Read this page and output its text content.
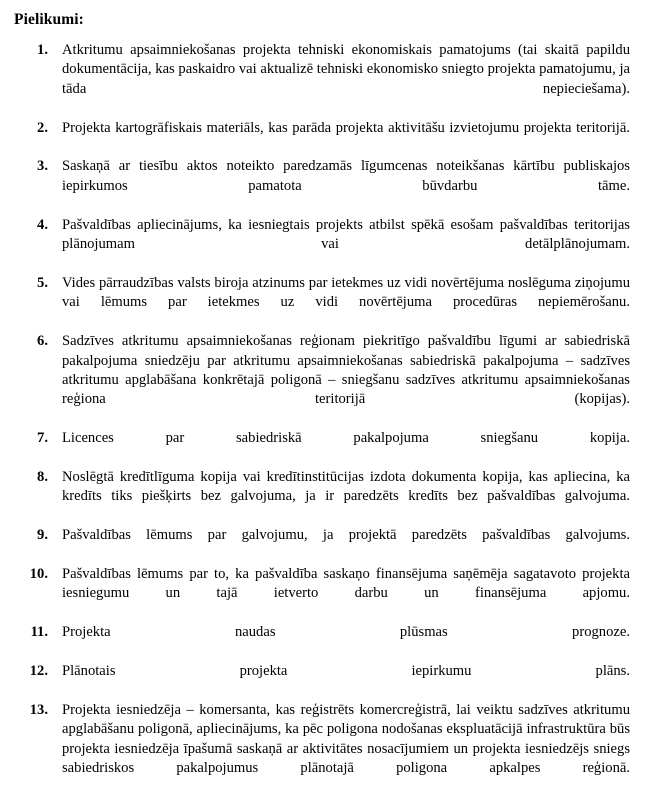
Pielikumi:
1. Atkritumu apsaimniekošanas projekta tehniski ekonomiskais pamatojums (tai skaitā papildu dokumentācija, kas paskaidro vai aktualizē tehniski ekonomisko sniegto projekta pamatojumu, ja tāda nepieciešama).
2. Projekta kartogrāfiskais materiāls, kas parāda projekta aktivitāšu izvietojumu projekta teritorijā.
3. Saskaņā ar tiesību aktos noteikto paredzamās līgumcenas noteikšanas kārtību publiskajos iepirkumos pamatota būvdarbu tāme.
4. Pašvaldības apliecinājums, ka iesniegtais projekts atbilst spēkā esošam pašvaldības teritorijas plānojumam vai detālplānojumam.
5. Vides pārraudzības valsts biroja atzinums par ietekmes uz vidi novērtējuma noslēguma ziņojumu vai lēmums par ietekmes uz vidi novērtējuma procedūras nepiemērošanu.
6. Sadzīves atkritumu apsaimniekošanas reģionam piekritīgo pašvaldību līgumi ar sabiedriskā pakalpojuma sniedzēju par atkritumu apsaimniekošanas sabiedriskā pakalpojuma – sadzīves atkritumu apglabāšana konkrētajā poligonā – sniegšanu sadzīves atkritumu apsaimniekošanas reģiona teritorijā (kopijas).
7. Licences par sabiedriskā pakalpojuma sniegšanu kopija.
8. Noslēgtā kredītlīguma kopija vai kredītinstitūcijas izdota dokumenta kopija, kas apliecina, ka kredīts tiks piešķirts bez galvojuma, ja ir paredzēts kredīts bez pašvaldības galvojuma.
9. Pašvaldības lēmums par galvojumu, ja projektā paredzēts pašvaldības galvojums.
10. Pašvaldības lēmums par to, ka pašvaldība saskaņo finansējuma saņēmēja sagatavoto projekta iesniegumu un tajā ietverto darbu un finansējuma apjomu.
11. Projekta naudas plūsmas prognoze.
12. Plānotais projekta iepirkumu plāns.
13. Projekta iesniedzēja – komersanta, kas reģistrēts komercreģistrā, lai veiktu sadzīves atkritumu apglabāšanu poligonā, apliecinājums, ka pēc poligona nodošanas ekspluatācijā infrastruktūra būs projekta iesniedzēja īpašumā saskaņā ar aktivitātes nosacījumiem un projekta iesniedzējs sniegs sabiedriskos pakalpojumus plānotajā poligona apkalpes reģionā.
